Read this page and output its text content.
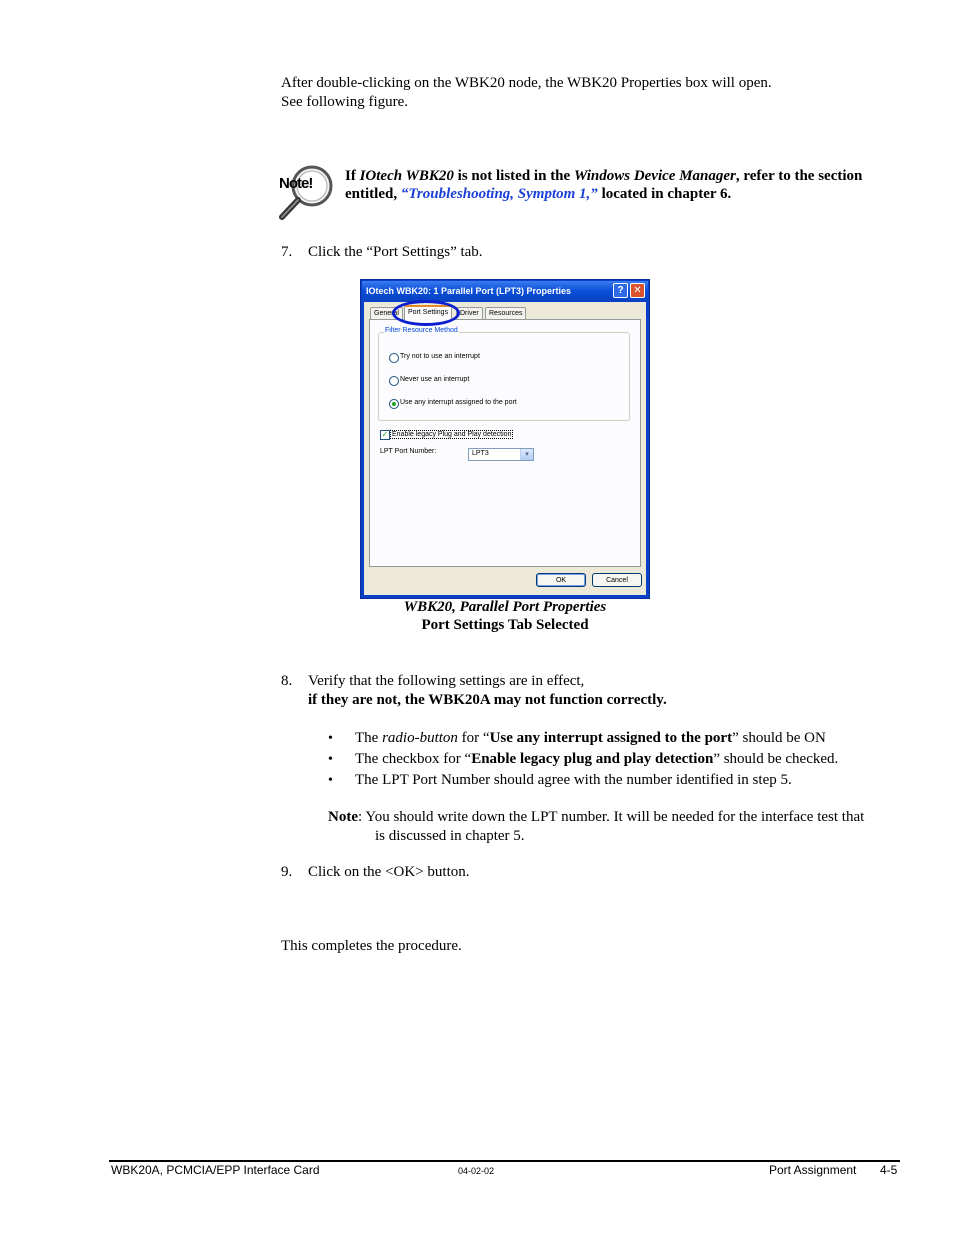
After double-clicking on the WBK20 node, the WBK20 Properties box will open.
See following figure.
Note! If IOtech WBK20 is not listed in the Windows Device Manager, refer to the section
entitled, “Troubleshooting, Symptom 1,” located in chapter 6.
7. Click the “Port Settings” tab.
IOtech WBK20: 1 Parallel Port (LPT3) Properties	? ✕
General	Port Settings	Driver	Resources
Filter Resource Method
Try not to use an interrupt
Never use an interrupt
Use any interrupt assigned to the port
✓ Enable legacy Plug and Play detection
LPT Port Number:	LPT3	▾
OK	Cancel
WBK20, Parallel Port Properties
Port Settings Tab Selected
8. Verify that the following settings are in effect,
if they are not, the WBK20A may not function correctly.
• The radio-button for “Use any interrupt assigned to the port” should be ON
• The checkbox for “Enable legacy plug and play detection” should be checked.
• The LPT Port Number should agree with the number identified in step 5.
Note: You should write down the LPT number. It will be needed for the interface test that
is discussed in chapter 5.
9. Click on the <OK> button.
This completes the procedure.
WBK20A, PCMCIA/EPP Interface Card	04-02-02	Port Assignment 4-5
